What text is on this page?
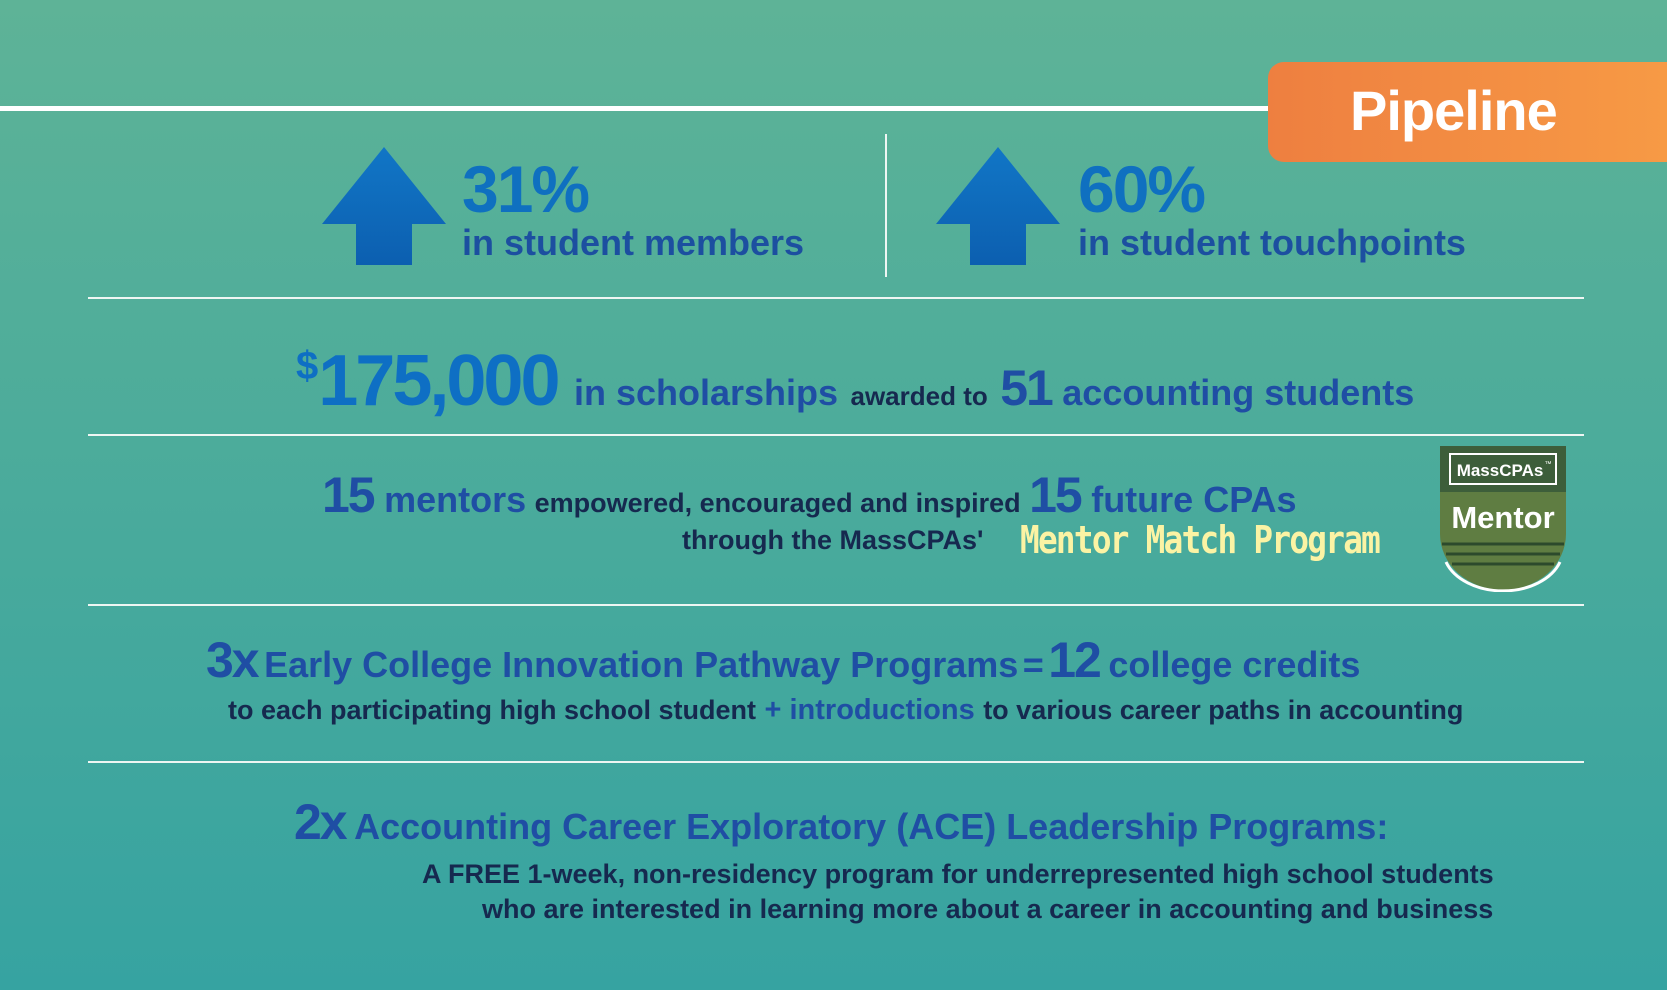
Pipeline
31%
in student members
60%
in student touchpoints
$175,000 in scholarships awarded to 51 accounting students
15 mentors empowered, encouraged and inspired 15 future CPAs
through the MassCPAs' Mentor Match Program
MassCPAs ™
Mentor
3x Early College Innovation Pathway Programs = 12 college credits
to each participating high school student + introductions to various career paths in accounting
2x Accounting Career Exploratory (ACE) Leadership Programs:
A FREE 1-week, non-residency program for underrepresented high school students
who are interested in learning more about a career in accounting and business
